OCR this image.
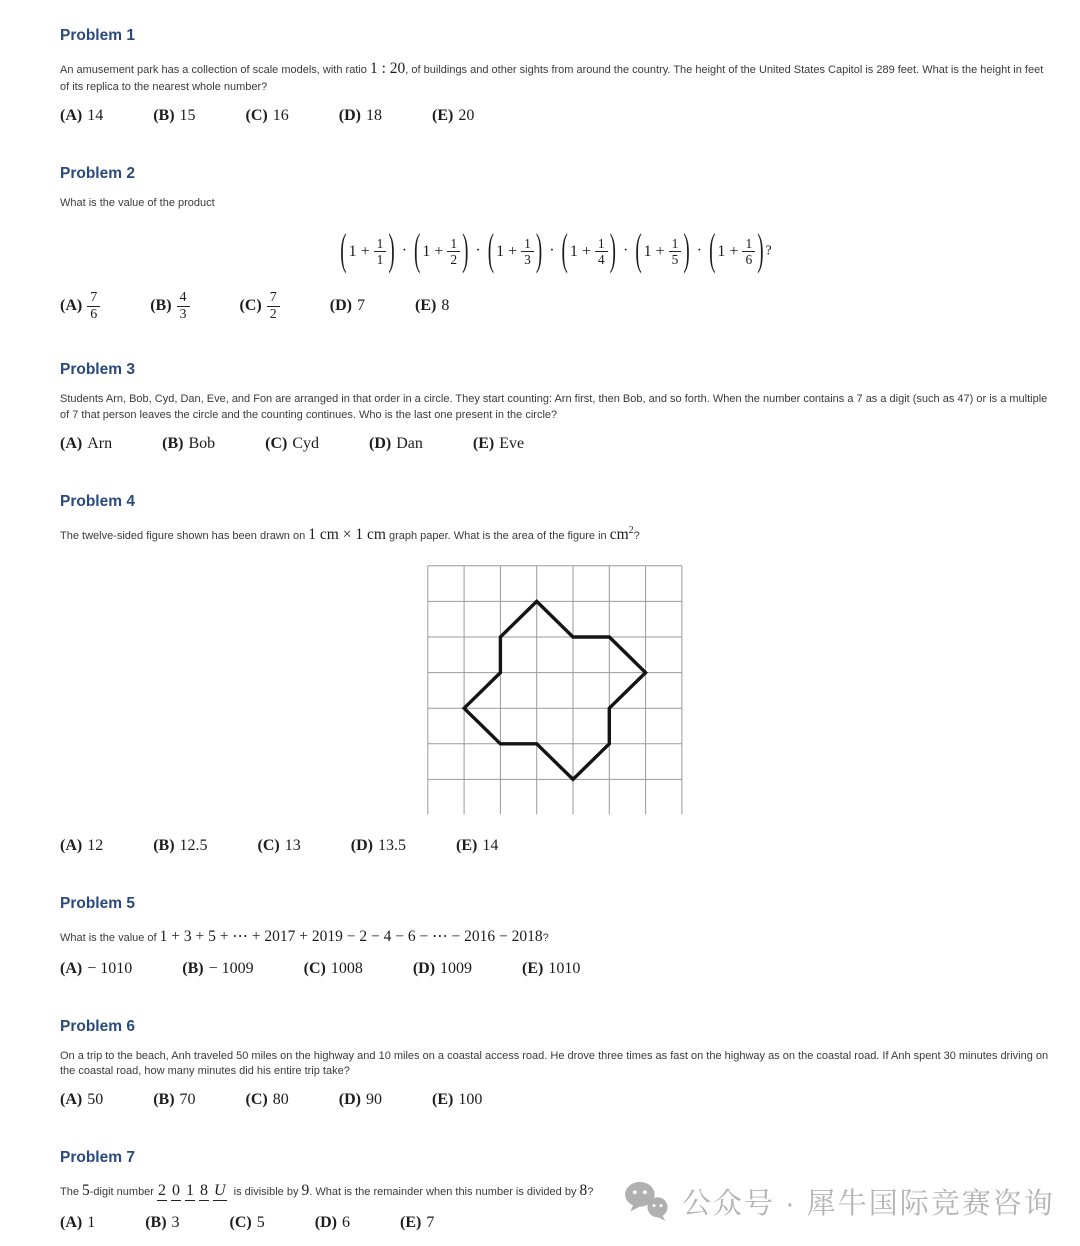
Problem 1

An amusement park has a collection of scale models, with ratio 1 : 20, of buildings and other sights from around the country. The height of the United States Capitol is 289 feet. What is the height in feet of its replica to the nearest whole number?

(A) 14	(B) 15	(C) 16	(D) 18	(E) 20
Problem 2

What is the value of the product

( $1 + \frac{1}{1}$ ) · ( $1 + \frac{1}{2}$ ) · ( $1 + \frac{1}{3}$ ) · ( $1 + \frac{1}{4}$ ) · ( $1 + \frac{1}{5}$ ) · ( $1 + \frac{1}{6}$ ) ?
$(A) \frac{7}{6}$	$(B) \frac{4}{3}$	$(C) \frac{7}{2}$	(D) 7	(E) 8
Problem 3

Students Arn, Bob, Cyd, Dan, Eve, and Fon are arranged in that order in a circle. They start counting: Arn first, then Bob, and so forth. When the number contains a 7 as a digit (such as 47) or is a multiple of 7 that person leaves the circle and the counting continues. Who is the last one present in the circle?

(A) Arn	(B) Bob	(C) Cyd	(D) Dan	(E) Eve
Problem 4

The twelve-sided figure shown has been drawn on 1 cm × 1 cm graph paper. What is the area of the figure in $cm^2$?

(A) 12	(B) 12.5	(C) 13	(D) 13.5	(E) 14
Problem 5

What is the value of 1 + 3 + 5 + ⋯ + 2017 + 2019 − 2 − 4 − 6 − ⋯ − 2016 − 2018?

(A) − 1010	(B) − 1009	(C) 1008	(D) 1009	(E) 1010
Problem 6

On a trip to the beach, Anh traveled 50 miles on the highway and 10 miles on a coastal access road. He drove three times as fast on the highway as on the coastal road. If Anh spent 30 minutes driving on the coastal road, how many minutes did his entire trip take?

(A) 50	(B) 70	(C) 80	(D) 90	(E) 100
Problem 7

The 5-digit number 2 0 1 8 U is divisible by 9. What is the remainder when this number is divided by 8?

(A) 1	(B) 3	(C) 5	(D) 6	(E) 7
公众号 · 犀牛国际竞赛咨询
